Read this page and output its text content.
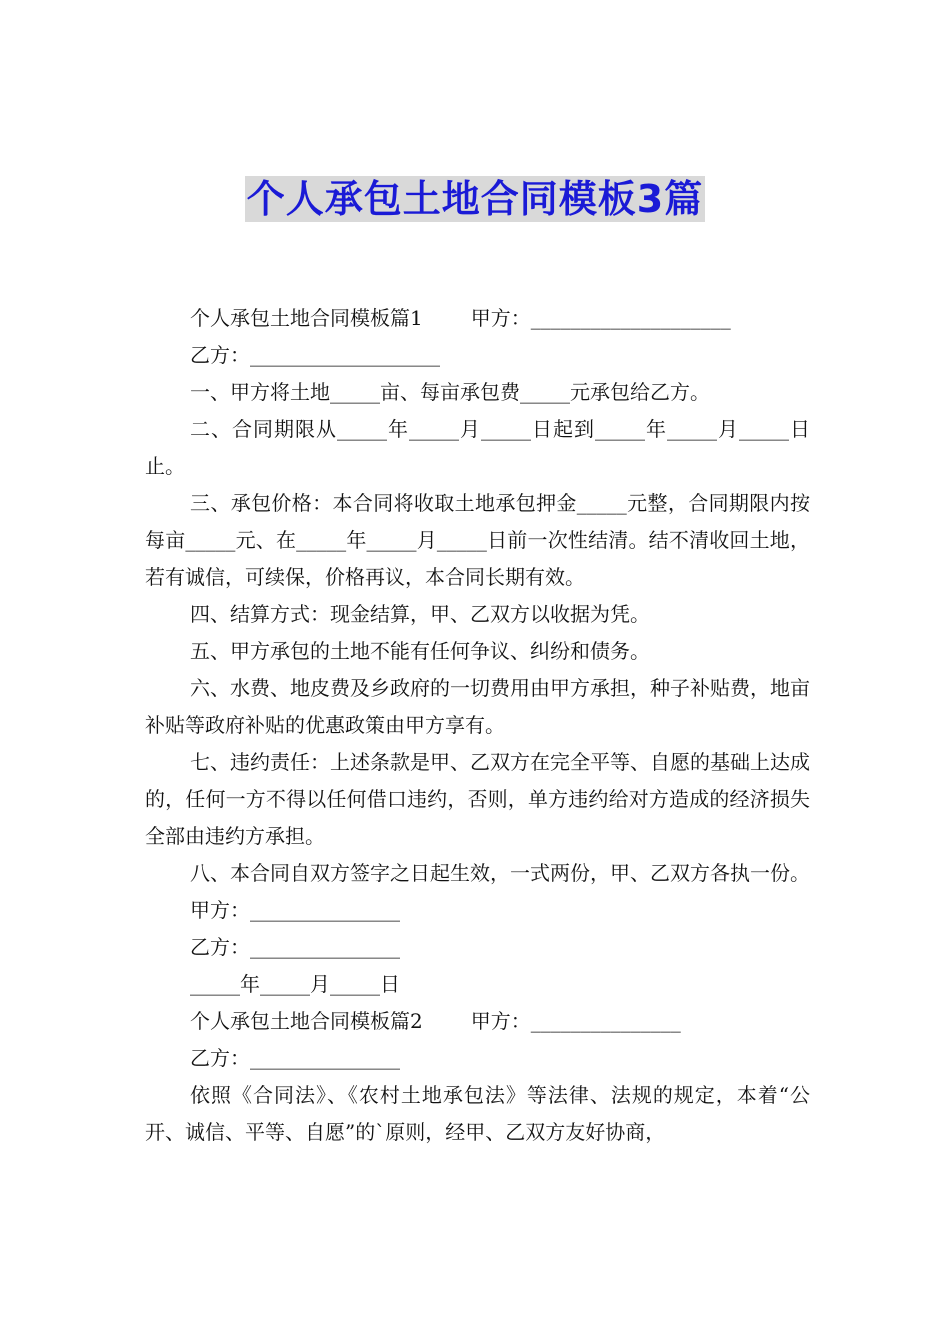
个人承包土地合同模板3篇

个人承包土地合同模板篇1 甲方：____________________

乙方：___________________

一、甲方将土地_____亩、每亩承包费_____元承包给乙方。

二、合同期限从_____年_____月_____日起到_____年_____月_____日止。

三、承包价格：本合同将收取土地承包押金_____元整，合同期限内按每亩_____元、在_____年_____月_____日前一次性结清。结不清收回土地，若有诚信，可续保，价格再议，本合同长期有效。

四、结算方式：现金结算，甲、乙双方以收据为凭。

五、甲方承包的土地不能有任何争议、纠纷和债务。

六、水费、地皮费及乡政府的一切费用由甲方承担，种子补贴费，地亩补贴等政府补贴的优惠政策由甲方享有。

七、违约责任：上述条款是甲、乙双方在完全平等、自愿的基础上达成的，任何一方不得以任何借口违约，否则，单方违约给对方造成的经济损失全部由违约方承担。

八、本合同自双方签字之日起生效，一式两份，甲、乙双方各执一份。

甲方：_______________

乙方：_______________

_____年_____月_____日

个人承包土地合同模板篇2 甲方：_______________

乙方：_______________

依照《合同法》、《农村土地承包法》等法律、法规的规定，本着“公开、诚信、平等、自愿”的`原则，经甲、乙双方友好协商，
